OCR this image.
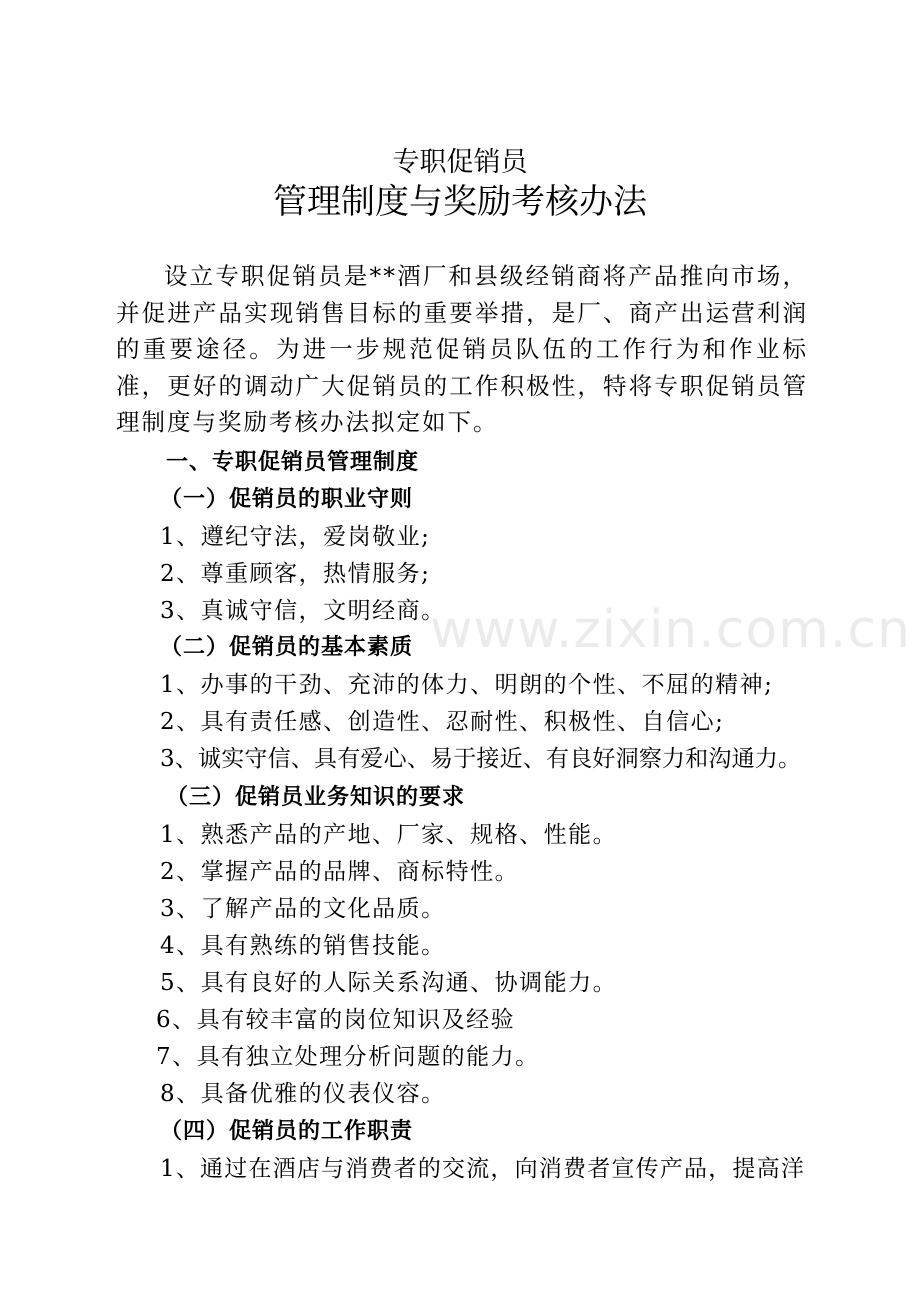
专职促销员
管理制度与奖励考核办法
设立专职促销员是**酒厂和县级经销商将产品推向市场，并促进产品实现销售目标的重要举措，是厂、商产出运营利润的重要途径。为进一步规范促销员队伍的工作行为和作业标准，更好的调动广大促销员的工作积极性，特将专职促销员管理制度与奖励考核办法拟定如下。
一、专职促销员管理制度
（一）促销员的职业守则
1、遵纪守法，爱岗敬业;
2、尊重顾客，热情服务;
3、真诚守信，文明经商。
（二）促销员的基本素质
1、办事的干劲、充沛的体力、明朗的个性、不屈的精神;
2、具有责任感、创造性、忍耐性、积极性、自信心;
3、诚实守信、具有爱心、易于接近、有良好洞察力和沟通力。
（三）促销员业务知识的要求
1、熟悉产品的产地、厂家、规格、性能。
2、掌握产品的品牌、商标特性。
3、了解产品的文化品质。
4、具有熟练的销售技能。
5、具有良好的人际关系沟通、协调能力。
6、具有较丰富的岗位知识及经验
7、具有独立处理分析问题的能力。
8、具备优雅的仪表仪容。
（四）促销员的工作职责
1、通过在酒店与消费者的交流，向消费者宣传产品，提高洋
www.zixin.com.cn
